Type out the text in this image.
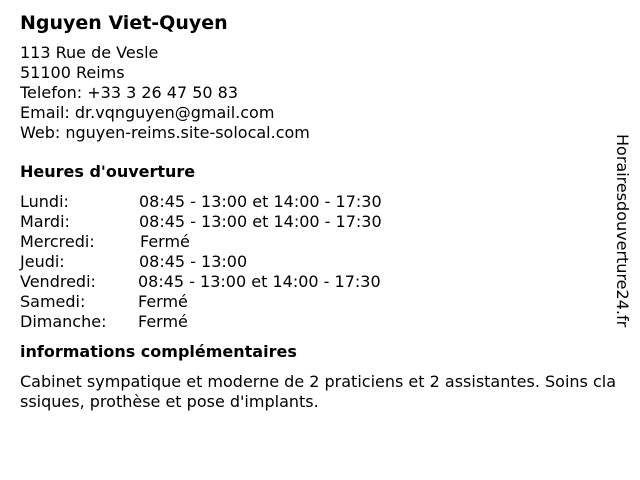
Nguyen Viet-Quyen
113 Rue de Vesle
51100 Reims
Telefon: +33 3 26 47 50 83
Email: dr.vqnguyen@gmail.com
Web: nguyen-reims.site-solocal.com
Heures d'ouverture
Lundi:	08:45 - 13:00 et 14:00 - 17:30
Mardi:	08:45 - 13:00 et 14:00 - 17:30
Mercredi:	Fermé
Jeudi:	08:45 - 13:00
Vendredi:	08:45 - 13:00 et 14:00 - 17:30
Samedi:	Fermé
Dimanche: Fermé
informations complémentaires
Cabinet sympatique et moderne de 2 praticiens et 2 assistantes. Soins classiques, prothèse et pose d'implants.
Horairesdouverture24.fr
